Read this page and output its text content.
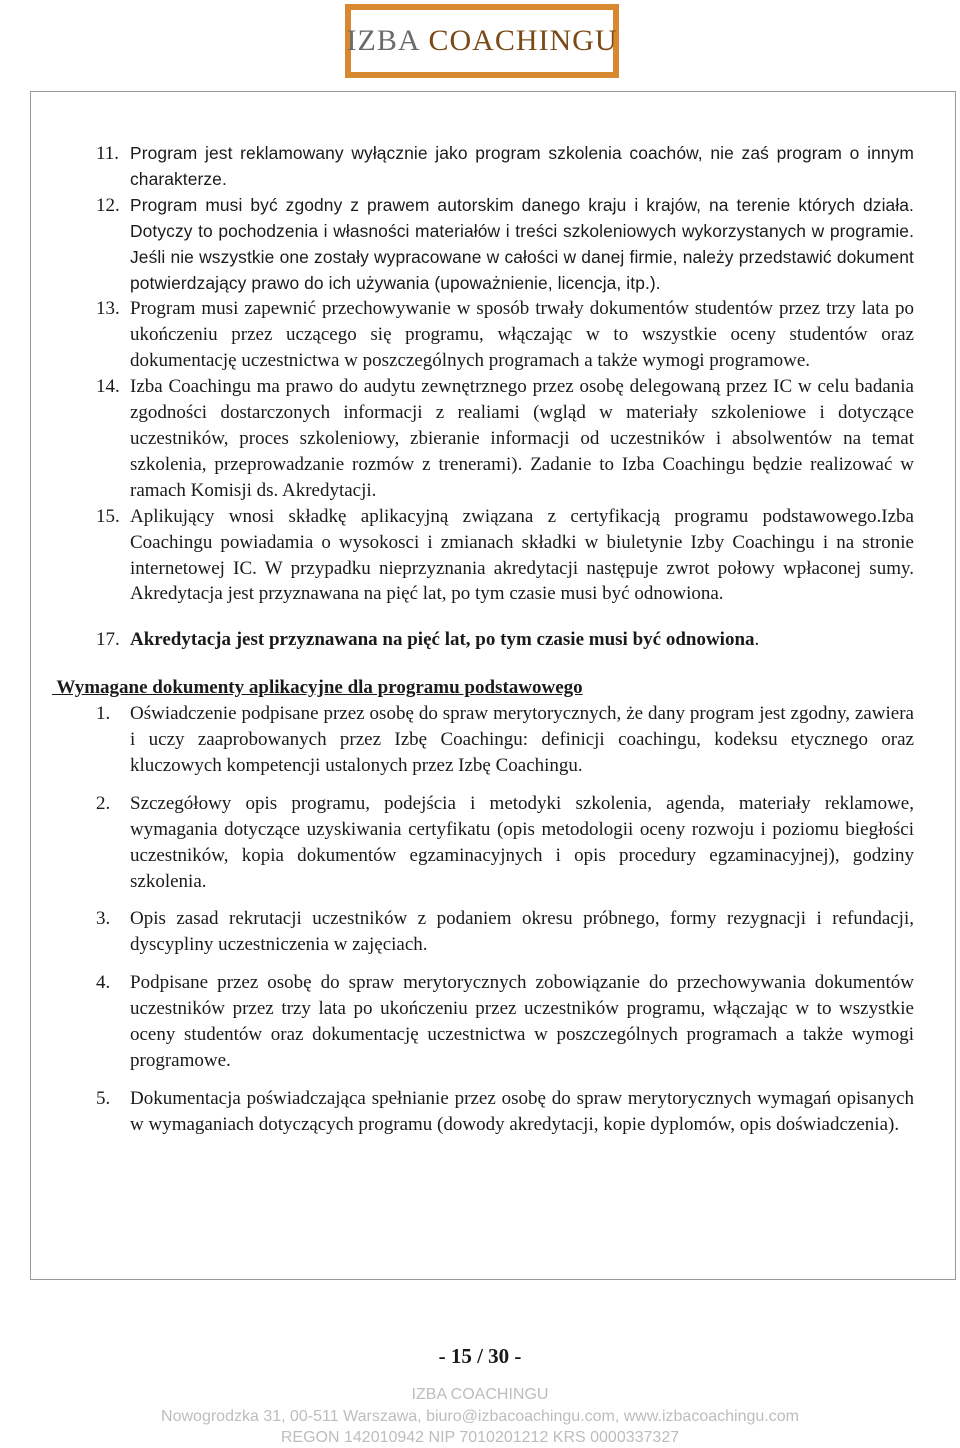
IZBA COACHINGU
11. Program jest reklamowany wyłącznie jako program szkolenia coachów, nie zaś program o innym charakterze.
12. Program musi być zgodny z prawem autorskim danego kraju i krajów, na terenie których działa. Dotyczy to pochodzenia i własności materiałów i treści szkoleniowych wykorzystanych w programie. Jeśli nie wszystkie one zostały wypracowane w całości w danej firmie, należy przedstawić dokument potwierdzający prawo do ich używania (upoważnienie, licencja, itp.).
13. Program musi zapewnić przechowywanie w sposób trwały dokumentów studentów przez trzy lata po ukończeniu przez uczącego się programu, włączając w to wszystkie oceny studentów oraz dokumentację uczestnictwa w poszczególnych programach a także wymogi programowe.
14. Izba Coachingu ma prawo do audytu zewnętrznego przez osobę delegowaną przez IC w celu badania zgodności dostarczonych informacji z realiami (wgląd w materiały szkoleniowe i dotyczące uczestników, proces szkoleniowy, zbieranie informacji od uczestników i absolwentów na temat szkolenia, przeprowadzanie rozmów z trenerami). Zadanie to Izba Coachingu będzie realizować w ramach Komisji ds. Akredytacji.
15. Aplikujący wnosi składkę aplikacyjną związana z certyfikacją programu podstawowego.Izba Coachingu powiadamia o wysokosci i zmianach składki w biuletynie Izby Coachingu i na stronie internetowej IC. W przypadku nieprzyznania akredytacji następuje zwrot połowy wpłaconej sumy. Akredytacja jest przyznawana na pięć lat, po tym czasie musi być odnowiona.
17. Akredytacja jest przyznawana na pięć lat, po tym czasie musi być odnowiona.
Wymagane dokumenty aplikacyjne dla programu podstawowego
1.	Oświadczenie podpisane przez osobę do spraw merytorycznych, że dany program jest zgodny, zawiera i uczy zaaprobowanych przez Izbę Coachingu: definicji coachingu, kodeksu etycznego oraz kluczowych kompetencji ustalonych przez Izbę Coachingu.
2.	Szczegółowy opis programu, podejścia i metodyki szkolenia, agenda, materiały reklamowe, wymagania dotyczące uzyskiwania certyfikatu (opis metodologii oceny rozwoju i poziomu biegłości uczestników, kopia dokumentów egzaminacyjnych i opis procedury egzaminacyjnej), godziny szkolenia.
3.	Opis zasad rekrutacji uczestników z podaniem okresu próbnego, formy rezygnacji i refundacji, dyscypliny uczestniczenia w zajęciach.
4.	Podpisane przez osobę do spraw merytorycznych zobowiązanie do przechowywania dokumentów uczestników przez trzy lata po ukończeniu przez uczestników programu, włączając w to wszystkie oceny studentów oraz dokumentację uczestnictwa w poszczególnych programach a także wymogi programowe.
5.	Dokumentacja poświadczająca spełnianie przez osobę do spraw merytorycznych wymagań opisanych w wymaganiach dotyczących programu (dowody akredytacji, kopie dyplomów, opis doświadczenia).
- 15 / 30 -
IZBA COACHINGU
Nowogrodzka 31, 00-511 Warszawa, biuro@izbacoachingu.com, www.izbacoachingu.com
REGON 142010942 NIP 7010201212 KRS 0000337327
